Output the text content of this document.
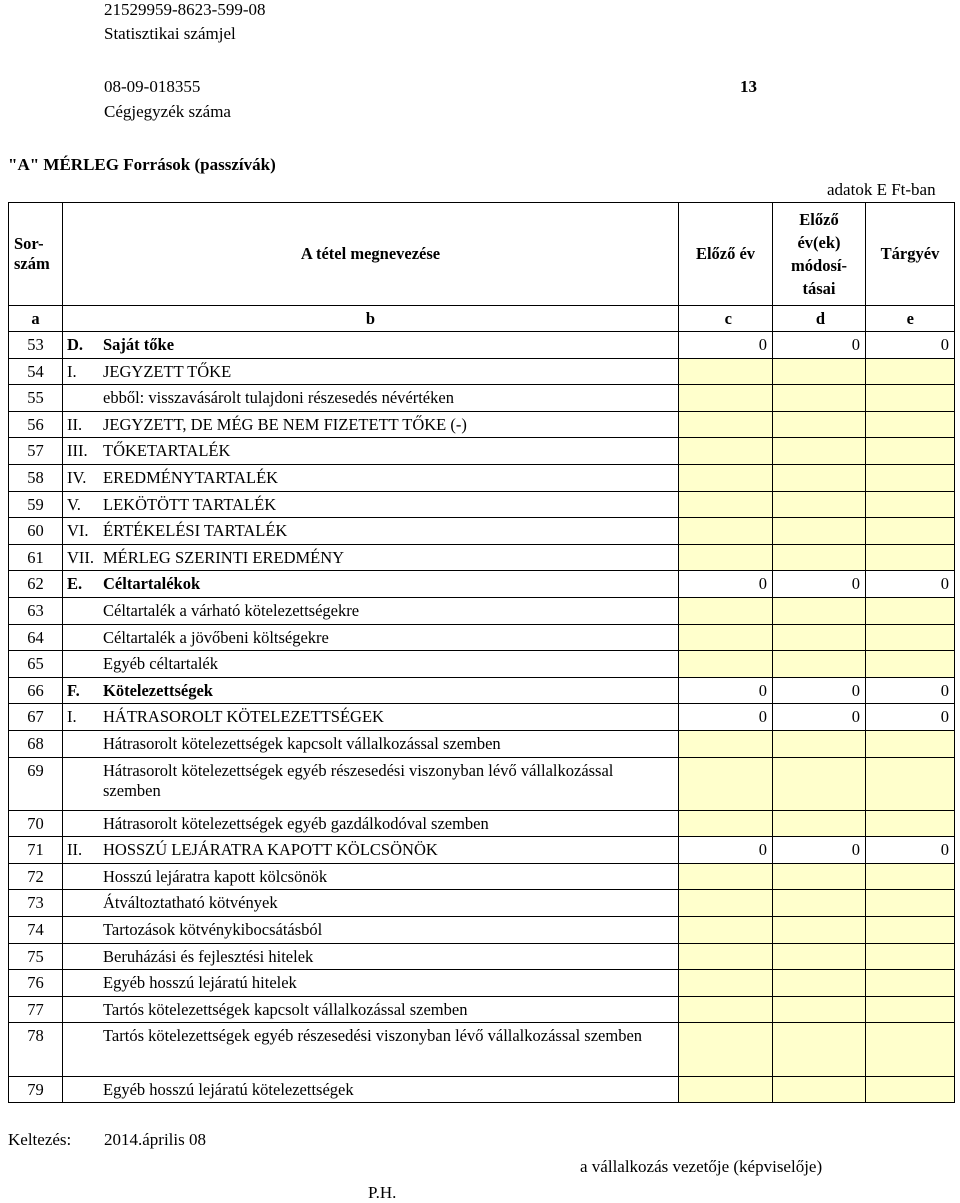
21529959-8623-599-08
Statisztikai számjel
08-09-018355	13
Cégjegyzék száma
"A" MÉRLEG Források (passzívák)
adatok E Ft-ban
Sor-
szám	A tétel megnevezése	Előző év	Előző
év(ek)
módosí-
tásai	Tárgyév
a	b	c	d	e
53	D. Saját tőke	0	0	0
54	I. JEGYZETT TŐKE			
55	ebből: visszavásárolt tulajdoni részesedés névértéken			
56	II. JEGYZETT, DE MÉG BE NEM FIZETETT TŐKE (-)			
57	III. TŐKETARTALÉK			
58	IV. EREDMÉNYTARTALÉK			
59	V. LEKÖTÖTT TARTALÉK			
60	VI. ÉRTÉKELÉSI TARTALÉK			
61	VII. MÉRLEG SZERINTI EREDMÉNY			
62	E. Céltartalékok	0	0	0
63	Céltartalék a várható kötelezettségekre			
64	Céltartalék a jövőbeni költségekre			
65	Egyéb céltartalék			
66	F. Kötelezettségek	0	0	0
67	I. HÁTRASOROLT KÖTELEZETTSÉGEK	0	0	0
68	Hátrasorolt kötelezettségek kapcsolt vállalkozással szemben			
69	Hátrasorolt kötelezettségek egyéb részesedési viszonyban lévő vállalkozással szemben			

70	Hátrasorolt kötelezettségek egyéb gazdálkodóval szemben			
71	II. HOSSZÚ LEJÁRATRA KAPOTT KÖLCSÖNÖK	0	0	0
72	Hosszú lejáratra kapott kölcsönök			
73	Átváltoztatható kötvények			
74	Tartozások kötvénykibocsátásból			
75	Beruházási és fejlesztési hitelek			
76	Egyéb hosszú lejáratú hitelek			
77	Tartós kötelezettségek kapcsolt vállalkozással szemben			
78	Tartós kötelezettségek egyéb részesedési viszonyban lévő vállalkozással szemben			

79	Egyéb hosszú lejáratú kötelezettségek			
Keltezés: 2014.április 08
a vállalkozás vezetője (képviselője)
P.H.
